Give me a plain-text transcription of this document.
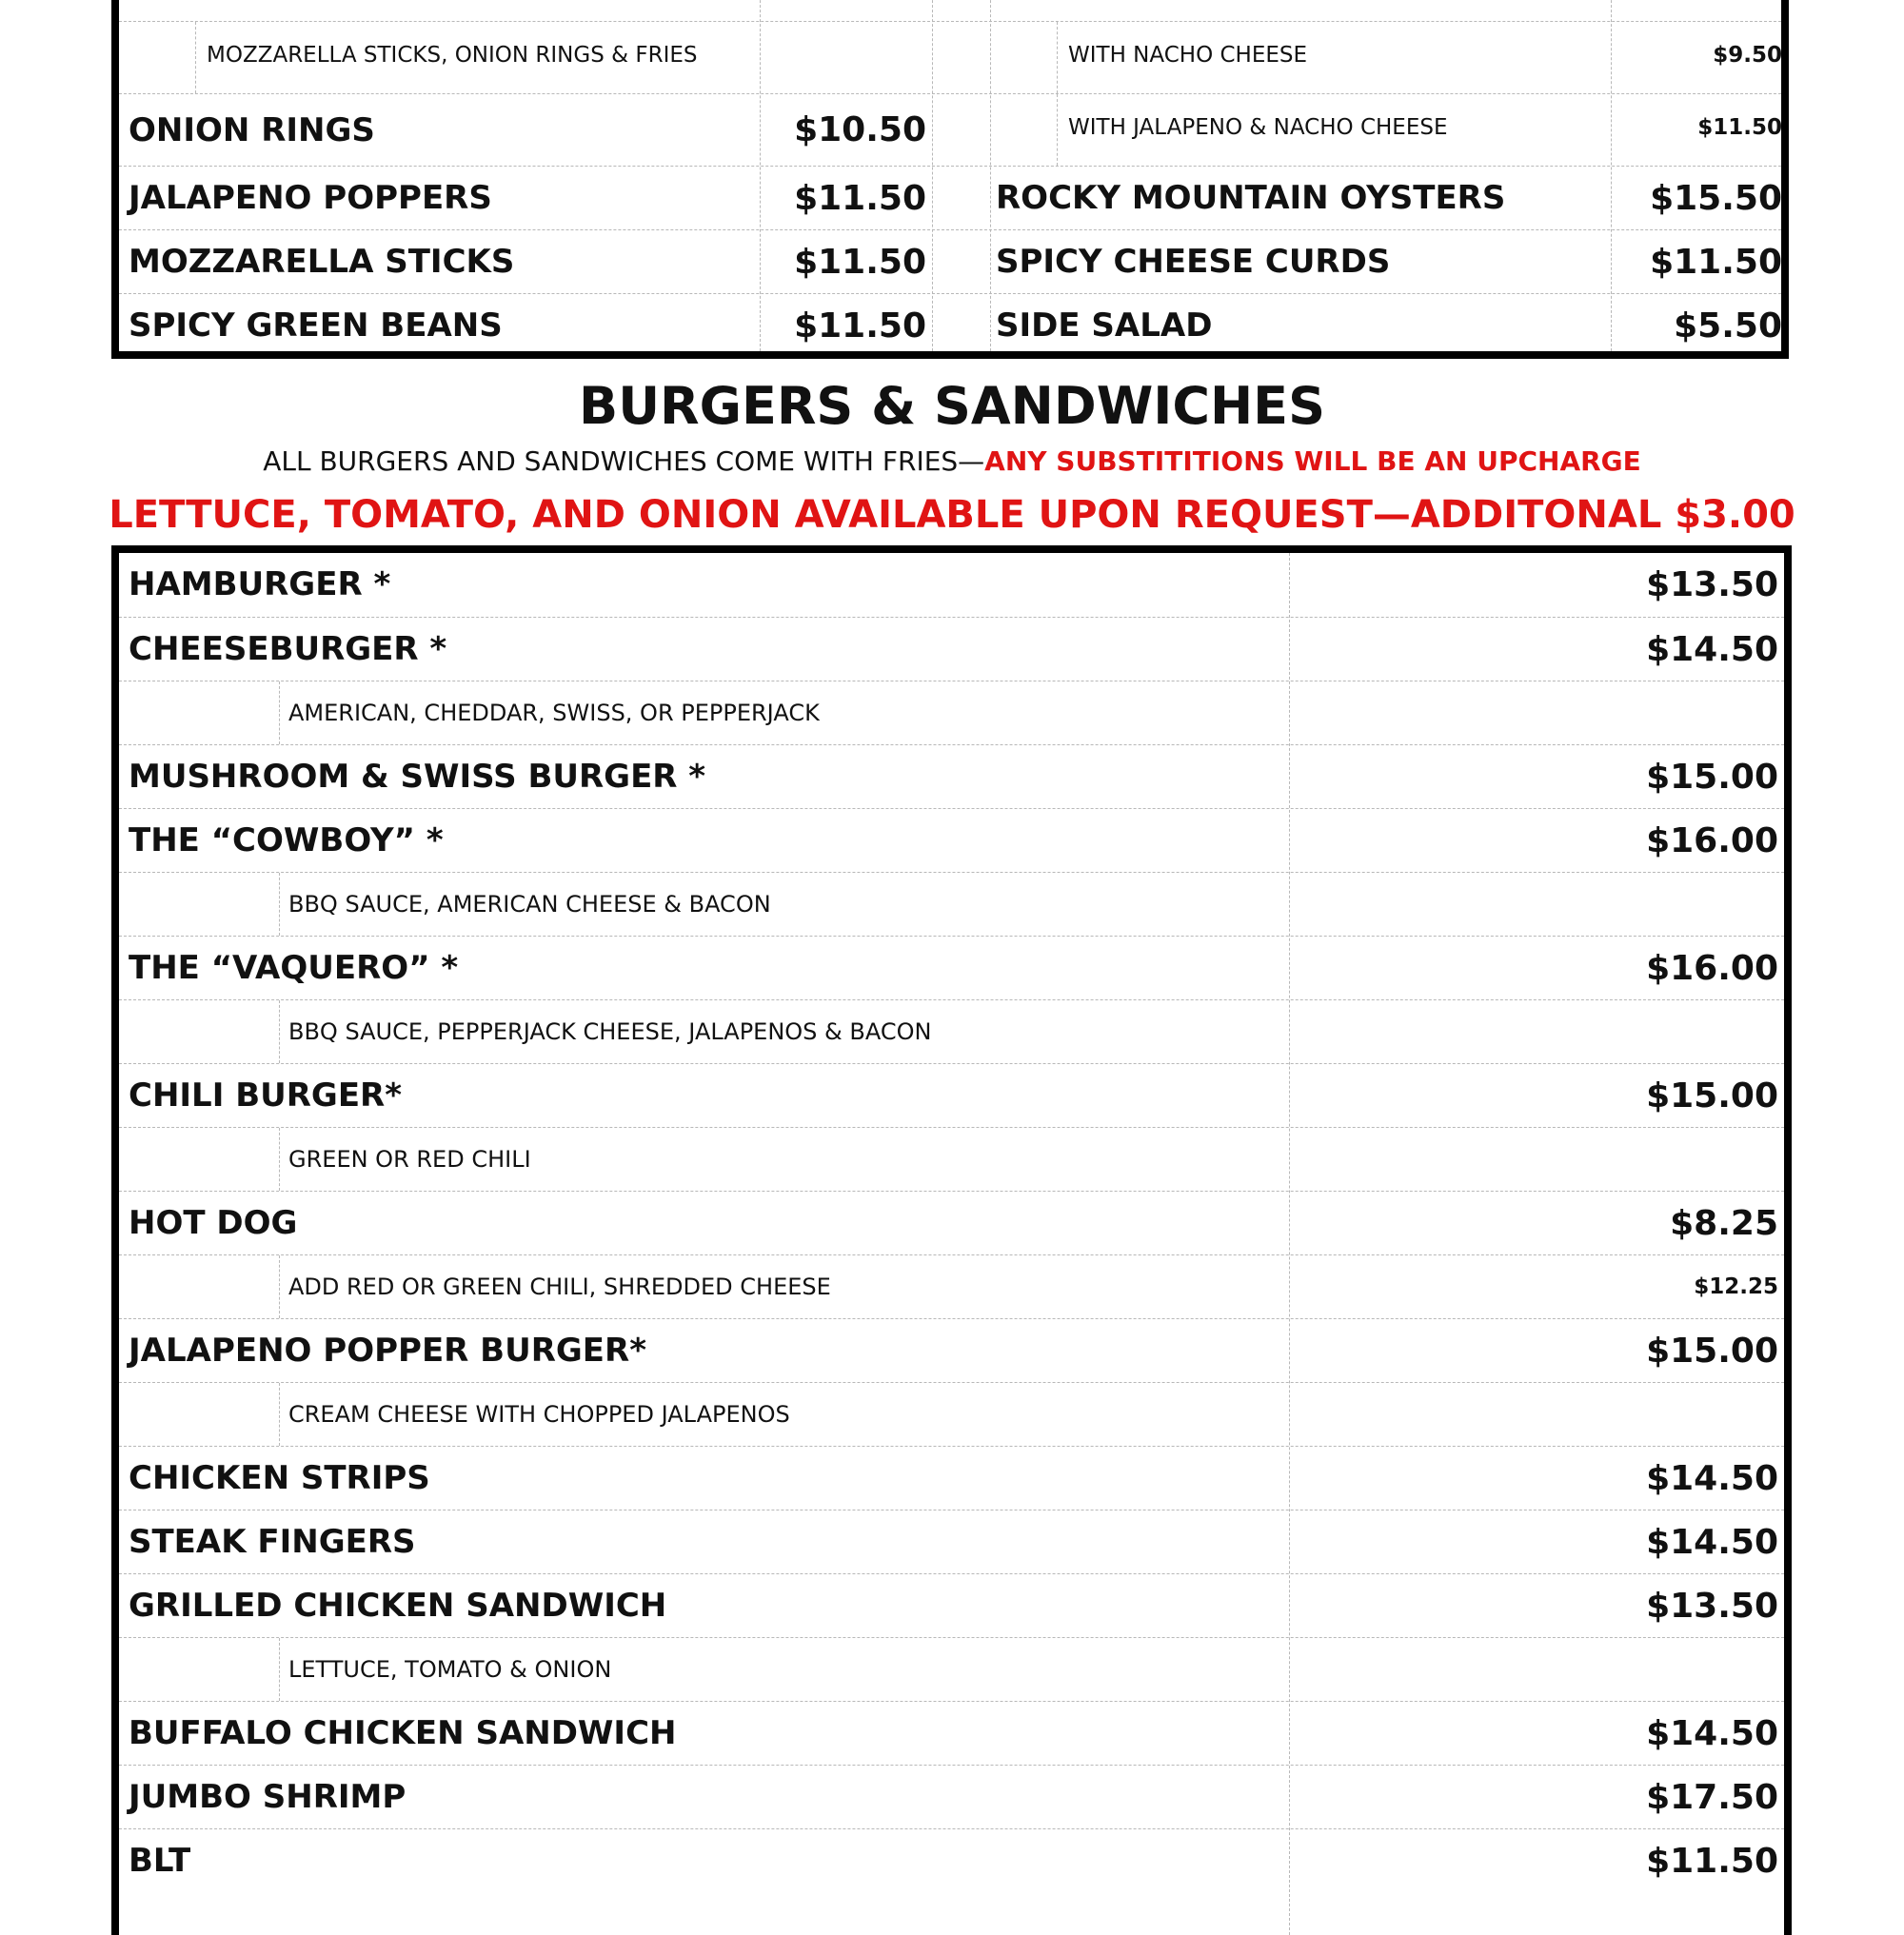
MOZZARELLA STICKS, ONION RINGS & FRIES	WITH NACHO CHEESE	$9.50
ONION RINGS	$10.50	WITH JALAPENO & NACHO CHEESE	$11.50
JALAPENO POPPERS	$11.50 ROCKY MOUNTAIN OYSTERS	$15.50
MOZZARELLA STICKS	$11.50 SPICY CHEESE CURDS	$11.50
SPICY GREEN BEANS	$11.50 SIDE SALAD	$5.50
BURGERS & SANDWICHES
ALL BURGERS AND SANDWICHES COME WITH FRIES—ANY SUBSTITITIONS WILL BE AN UPCHARGE
LETTUCE, TOMATO, AND ONION AVAILABLE UPON REQUEST—ADDITONAL $3.00
HAMBURGER *	$13.50
CHEESEBURGER *	$14.50
AMERICAN, CHEDDAR, SWISS, OR PEPPERJACK
MUSHROOM & SWISS BURGER *	$15.00
THE “COWBOY” *	$16.00
BBQ SAUCE, AMERICAN CHEESE & BACON
THE “VAQUERO” *	$16.00
BBQ SAUCE, PEPPERJACK CHEESE, JALAPENOS & BACON
CHILI BURGER*	$15.00
GREEN OR RED CHILI
HOT DOG	$8.25
ADD RED OR GREEN CHILI, SHREDDED CHEESE	$12.25
JALAPENO POPPER BURGER*	$15.00
CREAM CHEESE WITH CHOPPED JALAPENOS
CHICKEN STRIPS	$14.50
STEAK FINGERS	$14.50
GRILLED CHICKEN SANDWICH	$13.50
LETTUCE, TOMATO & ONION
BUFFALO CHICKEN SANDWICH	$14.50
JUMBO SHRIMP	$17.50
BLT	$11.50
